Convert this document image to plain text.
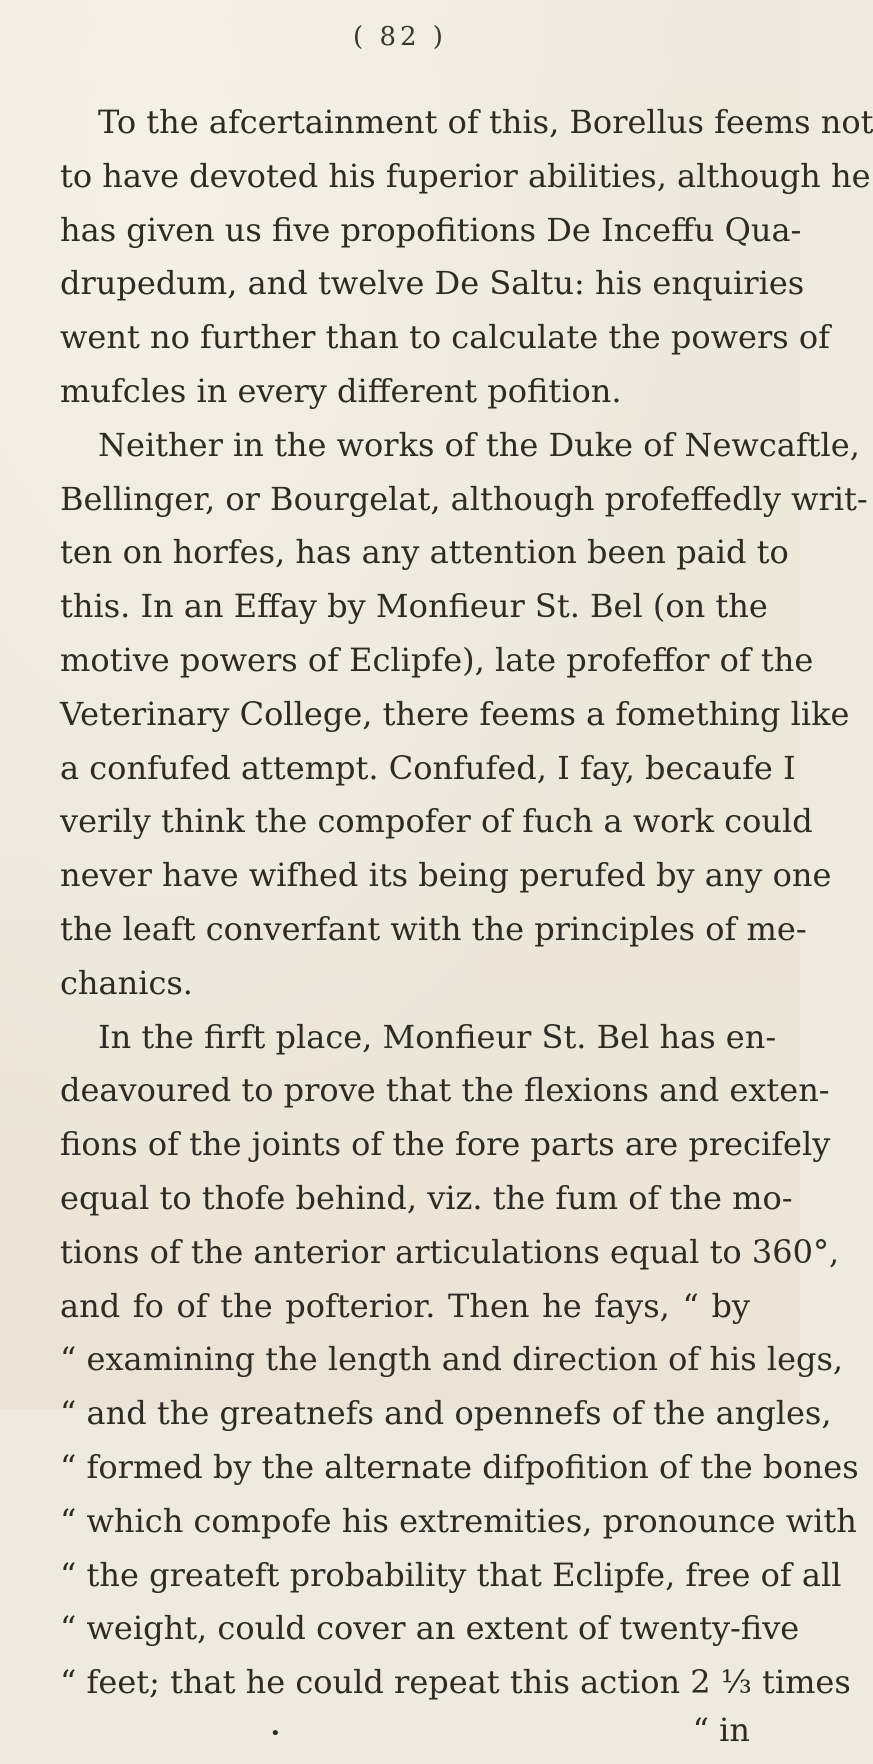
( 82 )
To the afcertainment of this, Borellus feems not
to have devoted his fuperior abilities, although he
has given us five propofitions De Inceffu Qua-
drupedum, and twelve De Saltu: his enquiries
went no further than to calculate the powers of
mufcles in every different pofition.
Neither in the works of the Duke of Newcaftle,
Bellinger, or Bourgelat, although profeffedly writ-
ten on horfes, has any attention been paid to
this. In an Effay by Monfieur St. Bel (on the
motive powers of Eclipfe), late profeffor of the
Veterinary College, there feems a fomething like
a confufed attempt. Confufed, I fay, becaufe I
verily think the compofer of fuch a work could
never have wifhed its being perufed by any one
the leaft converfant with the principles of me-
chanics.
In the firft place, Monfieur St. Bel has en-
deavoured to prove that the flexions and exten-
fions of the joints of the fore parts are precifely
equal to thofe behind, viz. the fum of the mo-
tions of the anterior articulations equal to 360°,
and fo of the pofterior. Then he fays, “ by
“ examining the length and direction of his legs,
“ and the greatnefs and opennefs of the angles,
“ formed by the alternate difpofition of the bones
“ which compofe his extremities, pronounce with
“ the greateft probability that Eclipfe, free of all
“ weight, could cover an extent of twenty-five
“ feet; that he could repeat this action 2 ⅓ times
•	“ in
